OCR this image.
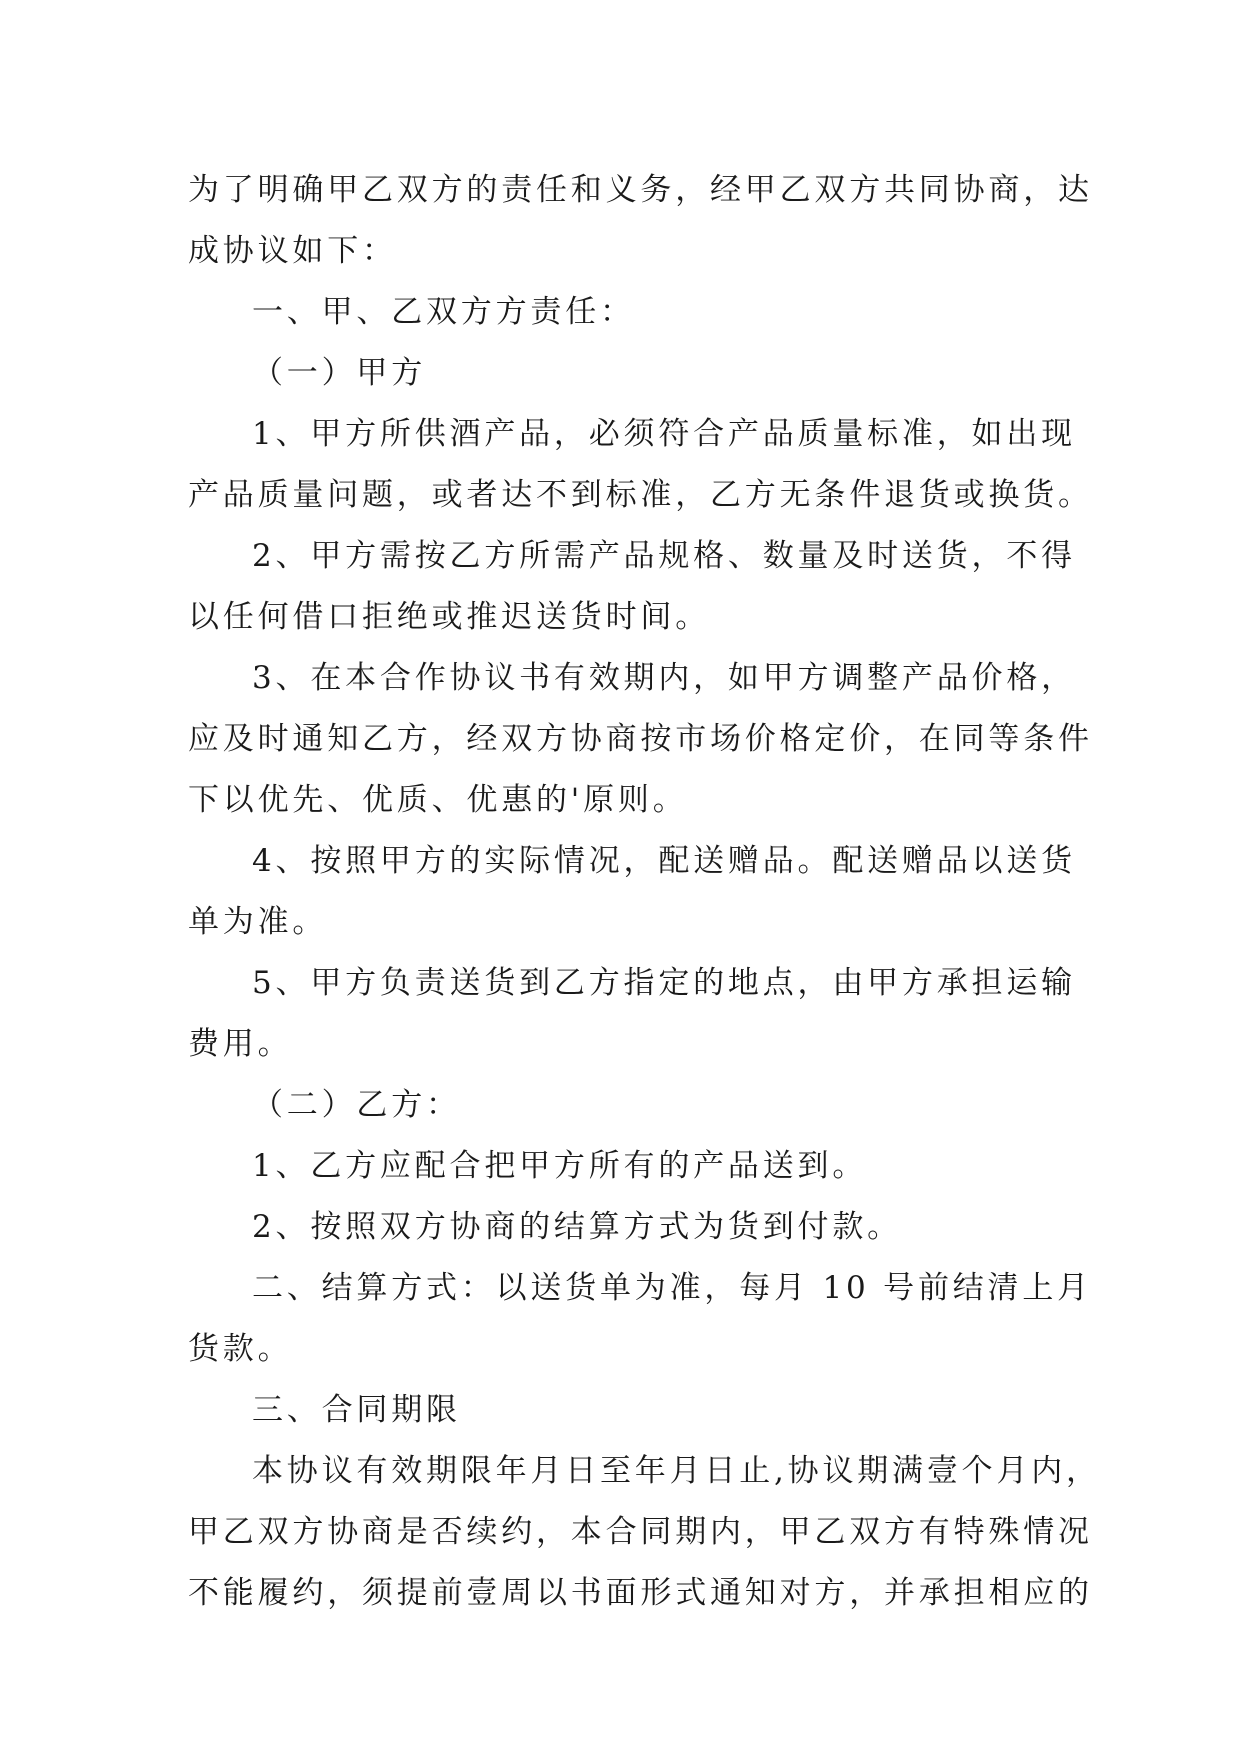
为了明确甲乙双方的责任和义务，经甲乙双方共同协商，达
成协议如下：
一、甲、乙双方方责任：
（一）甲方
1、甲方所供酒产品，必须符合产品质量标准，如出现
产品质量问题，或者达不到标准，乙方无条件退货或换货。
2、甲方需按乙方所需产品规格、数量及时送货，不得
以任何借口拒绝或推迟送货时间。
3、在本合作协议书有效期内，如甲方调整产品价格，
应及时通知乙方，经双方协商按市场价格定价，在同等条件
下以优先、优质、优惠的'原则。
4、按照甲方的实际情况，配送赠品。配送赠品以送货
单为准。
5、甲方负责送货到乙方指定的地点，由甲方承担运输
费用。
（二）乙方：
1、乙方应配合把甲方所有的产品送到。
2、按照双方协商的结算方式为货到付款。
二、结算方式：以送货单为准，每月 10 号前结清上月
货款。
三、合同期限
本协议有效期限年月日至年月日止,协议期满壹个月内，
甲乙双方协商是否续约，本合同期内，甲乙双方有特殊情况
不能履约，须提前壹周以书面形式通知对方，并承担相应的
